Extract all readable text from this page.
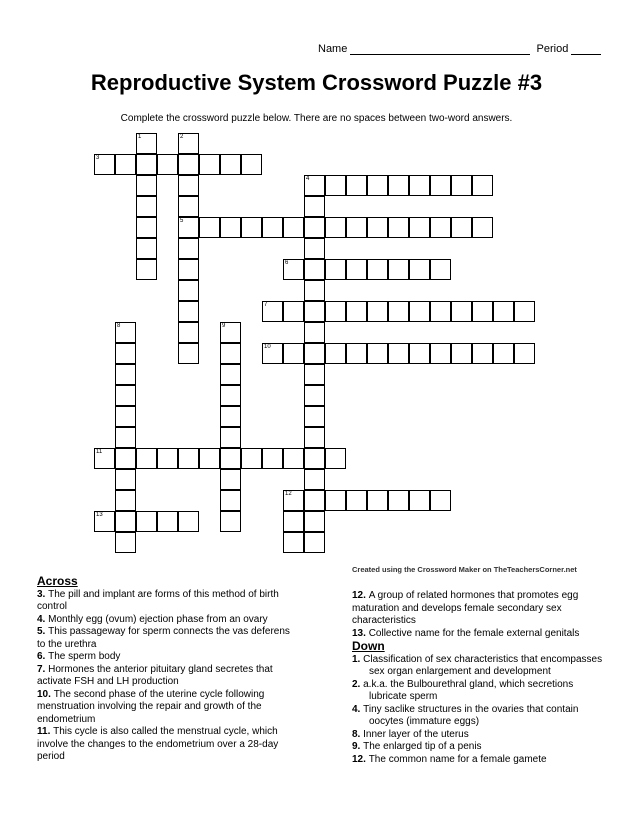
Name	Period
Reproductive System Crossword Puzzle #3
Complete the crossword puzzle below. There are no spaces between two-word answers.
1	2
3
4
5
6
7
8	9
10
11
12
13
Created using the Crossword Maker on TheTeachersCorner.net
Across
3. The pill and implant are forms of this method of birth control
4. Monthly egg (ovum) ejection phase from an ovary
5. This passageway for sperm connects the vas deferens to the urethra
6. The sperm body
7. Hormones the anterior pituitary gland secretes that activate FSH and LH production
10. The second phase of the uterine cycle following menstruation involving the repair and growth of the endometrium
11. This cycle is also called the menstrual cycle, which involve the changes to the endometrium over a 28-day period
12. A group of related hormones that promotes egg maturation and develops female secondary sex characteristics
13. Collective name for the female external genitals
Down
1. Classification of sex characteristics that encompasses sex organ enlargement and development
2. a.k.a. the Bulbourethral gland, which secretions lubricate sperm
4. Tiny saclike structures in the ovaries that contain oocytes (immature eggs)
8. Inner layer of the uterus
9. The enlarged tip of a penis
12. The common name for a female gamete
